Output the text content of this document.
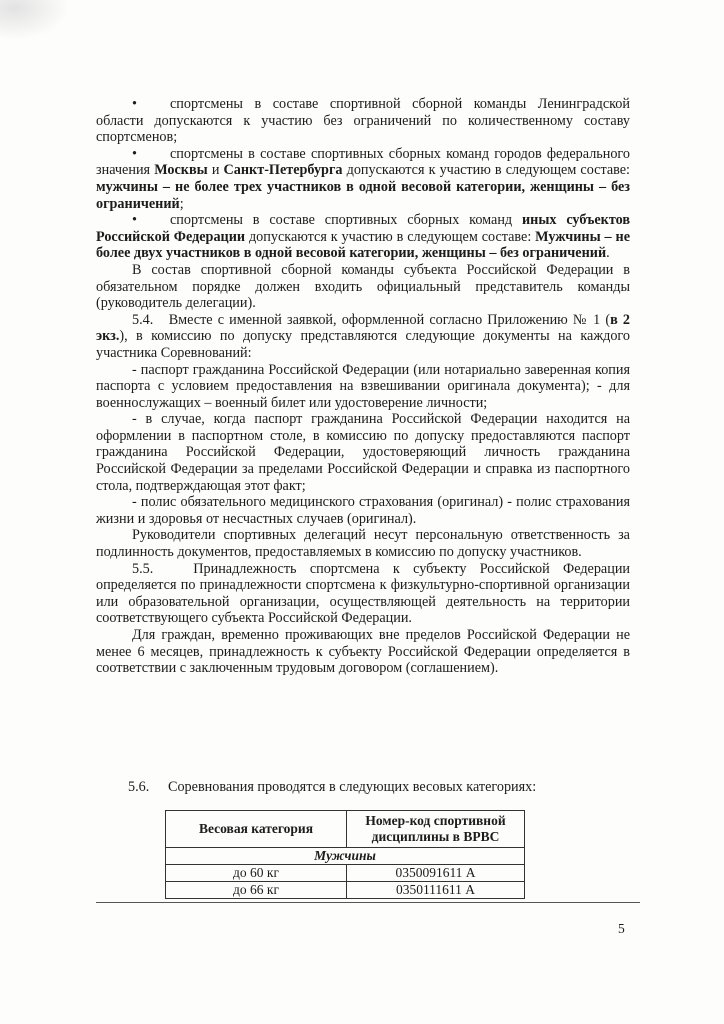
• спортсмены в составе спортивной сборной команды Ленинградской области допускаются к участию без ограничений по количественному составу спортсменов;

• спортсмены в составе спортивных сборных команд городов федерального значения Москвы и Санкт-Петербурга допускаются к участию в следующем составе: мужчины – не более трех участников в одной весовой категории, женщины – без ограничений;

• спортсмены в составе спортивных сборных команд иных субъектов Российской Федерации допускаются к участию в следующем составе: Мужчины – не более двух участников в одной весовой категории, женщины – без ограничений.

В состав спортивной сборной команды субъекта Российской Федерации в обязательном порядке должен входить официальный представитель команды (руководитель делегации).

5.4. Вместе с именной заявкой, оформленной согласно Приложению № 1 (в 2 экз.), в комиссию по допуску представляются следующие документы на каждого участника Соревнований:

- паспорт гражданина Российской Федерации (или нотариально заверенная копия паспорта с условием предоставления на взвешивании оригинала документа); - для военнослужащих – военный билет или удостоверение личности;

- в случае, когда паспорт гражданина Российской Федерации находится на оформлении в паспортном столе, в комиссию по допуску предоставляются паспорт гражданина Российской Федерации, удостоверяющий личность гражданина Российской Федерации за пределами Российской Федерации и справка из паспортного стола, подтверждающая этот факт;

- полис обязательного медицинского страхования (оригинал) - полис страхования жизни и здоровья от несчастных случаев (оригинал).

Руководители спортивных делегаций несут персональную ответственность за подлинность документов, предоставляемых в комиссию по допуску участников.

5.5.	Принадлежность спортсмена к субъекту Российской Федерации определяется по принадлежности спортсмена к физкультурно-спортивной организации или образовательной организации, осуществляющей деятельность на территории соответствующего субъекта Российской Федерации.

Для граждан, временно проживающих вне пределов Российской Федерации не менее 6 месяцев, принадлежность к субъекту Российской Федерации определяется в соответствии с заключенным трудовым договором (соглашением).

5.6. Соревнования проводятся в следующих весовых категориях:
Весовая категория	Номер-код спортивной дисциплины в ВРВС
Мужчины	
до 60 кг	0350091611 А
до 66 кг	0350111611 А
5
